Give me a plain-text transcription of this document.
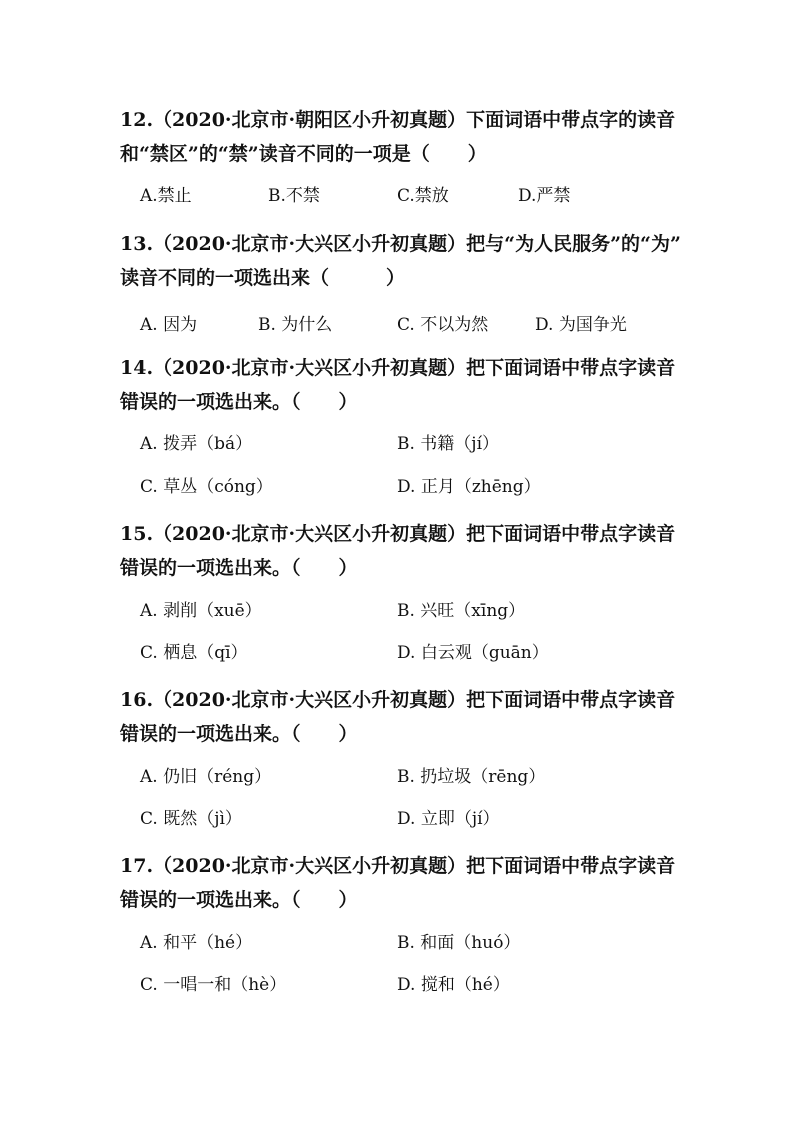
12.（2020·北京市·朝阳区小升初真题）下面词语中带点字的读音
和“禁区”的“禁”读音不同的一项是（　　）
A.禁止	B.不禁	C.禁放	D.严禁
13.（2020·北京市·大兴区小升初真题）把与“为人民服务”的“为”
读音不同的一项选出来（　　　）
A. 因为	B. 为什么	C. 不以为然	D. 为国争光
14.（2020·北京市·大兴区小升初真题）把下面词语中带点字读音
错误的一项选出来。（　　）
A. 拨弄（bá）	B. 书籍（jí）
C. 草丛（cóng）	D. 正月（zhēng）
15.（2020·北京市·大兴区小升初真题）把下面词语中带点字读音
错误的一项选出来。（　　）
A. 剥削（xuē）	B. 兴旺（xīng）
C. 栖息（qī）	D. 白云观（guān）
16.（2020·北京市·大兴区小升初真题）把下面词语中带点字读音
错误的一项选出来。（　　）
A. 仍旧（réng）	B. 扔垃圾（rēng）
C. 既然（jì）	D. 立即（jí）
17.（2020·北京市·大兴区小升初真题）把下面词语中带点字读音
错误的一项选出来。（　　）
A. 和平（hé）	B. 和面（huó）
C. 一唱一和（hè）	D. 搅和（hé）
